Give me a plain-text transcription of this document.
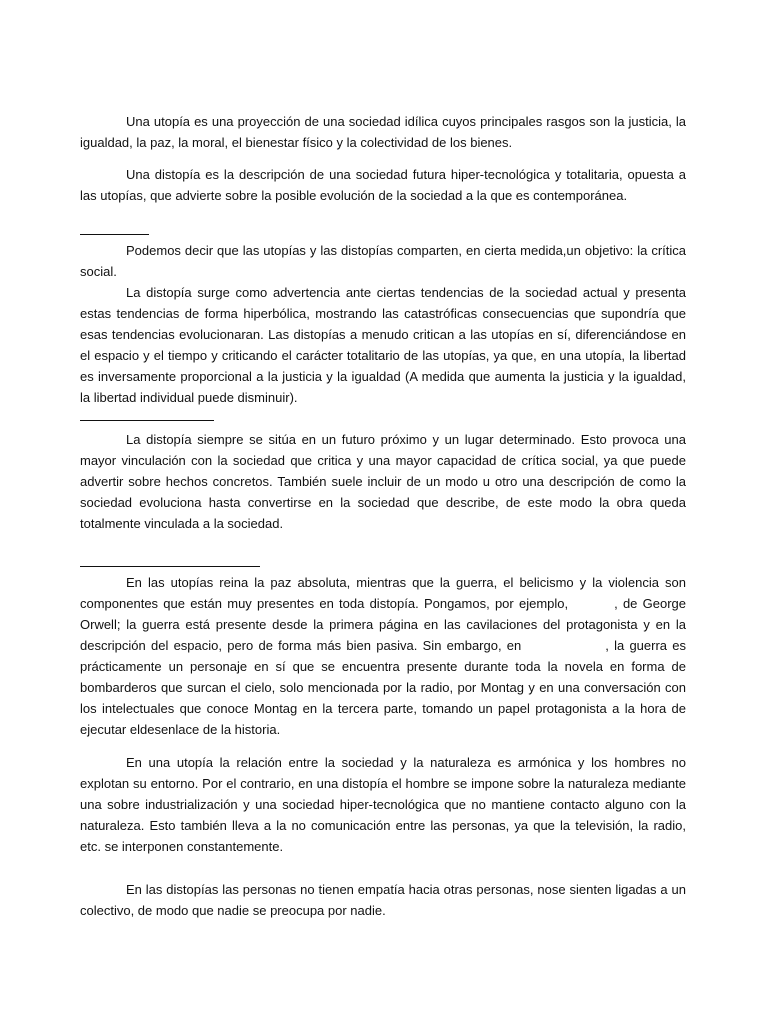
Una utopía es una proyección de una sociedad idílica cuyos principales rasgos son la justicia, la igualdad, la paz, la moral, el bienestar físico y la colectividad de los bienes.

Una distopía es la descripción de una sociedad futura hiper-tecnológica y totalitaria, opuesta a las utopías, que advierte sobre la posible evolución de la sociedad a la que es contemporánea.

Podemos decir que las utopías y las distopías comparten, en cierta medida,un objetivo: la crítica social.

La distopía surge como advertencia ante ciertas tendencias de la sociedad actual y presenta estas tendencias de forma hiperbólica, mostrando las catastróficas consecuencias que supondría que esas tendencias evolucionaran. Las distopías a menudo critican a las utopías en sí, diferenciándose en el espacio y el tiempo y criticando el carácter totalitario de las utopías, ya que, en una utopía, la libertad es inversamente proporcional a la justicia y la igualdad (A medida que aumenta la justicia y la igualdad, la libertad individual puede disminuir).

La distopía siempre se sitúa en un futuro próximo y un lugar determinado. Esto provoca una mayor vinculación con la sociedad que critica y una mayor capacidad de crítica social, ya que puede advertir sobre hechos concretos. También suele incluir de un modo u otro una descripción de como la sociedad evoluciona hasta convertirse en la sociedad que describe, de este modo la obra queda totalmente vinculada a la sociedad.

En las utopías reina la paz absoluta, mientras que la guerra, el belicismo y la violencia son componentes que están muy presentes en toda distopía. Pongamos, por ejemplo,	, de George Orwell; la guerra está presente desde la primera página en las cavilaciones del protagonista y en la descripción del espacio, pero de forma más bien pasiva. Sin embargo, en	, la guerra es prácticamente un personaje en sí que se encuentra presente durante toda la novela en forma de bombarderos que surcan el cielo, solo mencionada por la radio, por Montag y en una conversación con los intelectuales que conoce Montag en la tercera parte, tomando un papel protagonista a la hora de ejecutar eldesenlace de la historia.

En una utopía la relación entre la sociedad y la naturaleza es armónica y los hombres no explotan su entorno. Por el contrario, en una distopía el hombre se impone sobre la naturaleza mediante una sobre industrialización y una sociedad hiper-tecnológica que no mantiene contacto alguno con la naturaleza. Esto también lleva a la no comunicación entre las personas, ya que la televisión, la radio, etc. se interponen constantemente.

En las distopías las personas no tienen empatía hacia otras personas, nose sienten ligadas a un colectivo, de modo que nadie se preocupa por nadie.
